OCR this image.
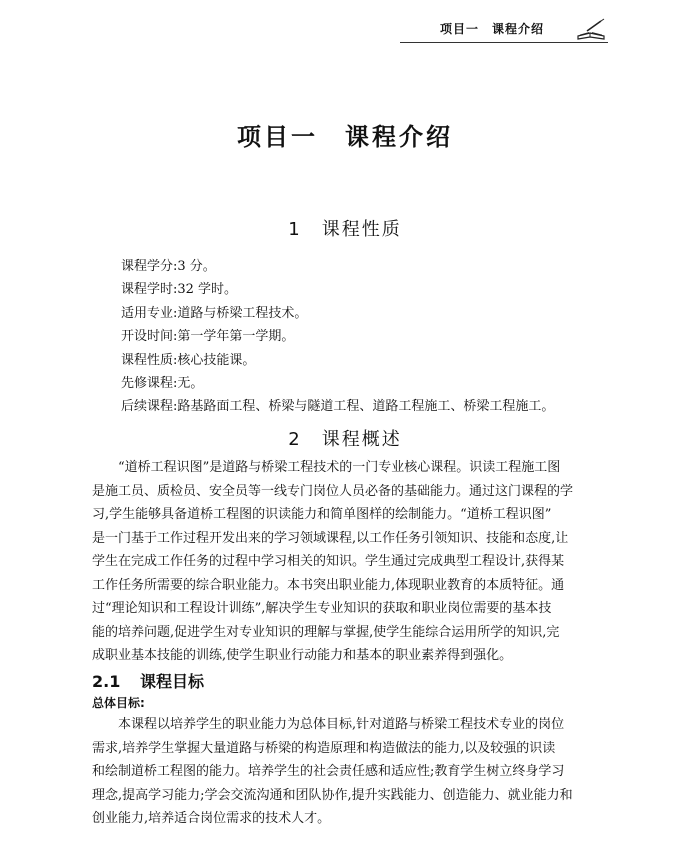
项目一　课程介绍
项目一　课程介绍
1　 课程性质
课程学分:3 分。
课程学时:32 学时。
适用专业:道路与桥梁工程技术。
开设时间:第一学年第一学期。
课程性质:核心技能课。
先修课程:无。
后续课程:路基路面工程、桥梁与隧道工程、道路工程施工、桥梁工程施工。
2　 课程概述

“道桥工程识图”是道路与桥梁工程技术的一门专业核心课程。识读工程施工图
是施工员、质检员、安全员等一线专门岗位人员必备的基础能力。通过这门课程的学
习,学生能够具备道桥工程图的识读能力和简单图样的绘制能力。“道桥工程识图”
是一门基于工作过程开发出来的学习领域课程,以工作任务引领知识、技能和态度,让
学生在完成工作任务的过程中学习相关的知识。学生通过完成典型工程设计,获得某
工作任务所需要的综合职业能力。本书突出职业能力,体现职业教育的本质特征。通
过“理论知识和工程设计训练”,解决学生专业知识的获取和职业岗位需要的基本技
能的培养问题,促进学生对专业知识的理解与掌握,使学生能综合运用所学的知识,完
成职业基本技能的训练,使学生职业行动能力和基本的职业素养得到强化。

2.1 课程目标
总体目标:

本课程以培养学生的职业能力为总体目标,针对道路与桥梁工程技术专业的岗位
需求,培养学生掌握大量道路与桥梁的构造原理和构造做法的能力,以及较强的识读
和绘制道桥工程图的能力。培养学生的社会责任感和适应性;教育学生树立终身学习
理念,提高学习能力;学会交流沟通和团队协作,提升实践能力、创造能力、就业能力和
创业能力,培养适合岗位需求的技术人才。
